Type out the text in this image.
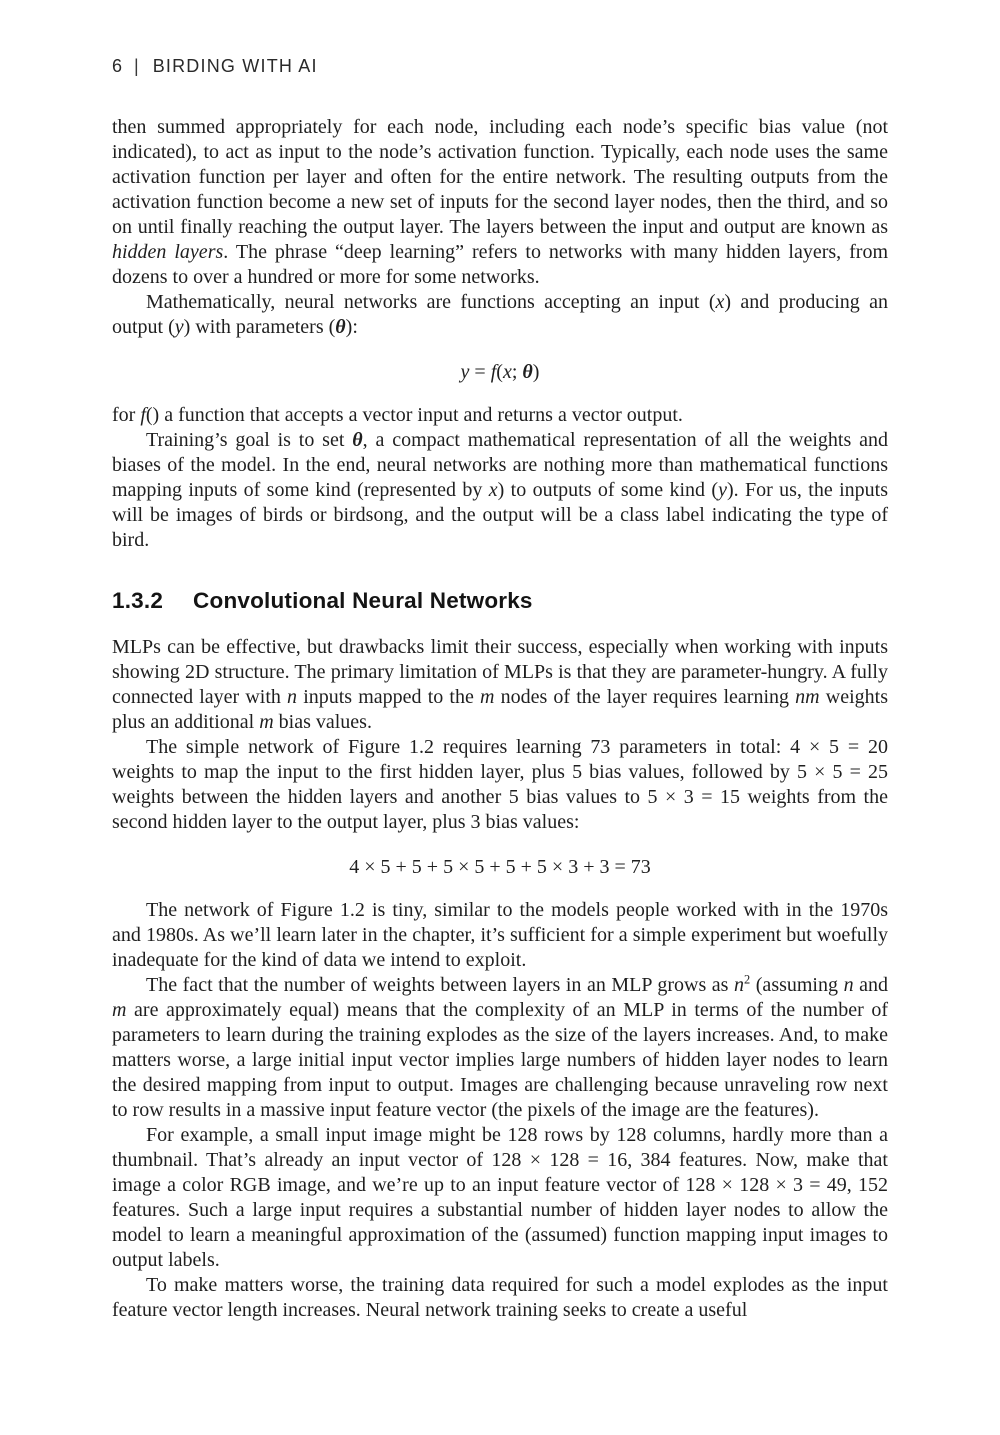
6 | BIRDING WITH AI

then summed appropriately for each node, including each node’s specific bias value (not indicated), to act as input to the node’s activation function. Typically, each node uses the same activation function per layer and often for the entire network. The resulting outputs from the activation function become a new set of inputs for the second layer nodes, then the third, and so on until finally reaching the output layer. The layers between the input and output are known as hidden layers. The phrase “deep learning” refers to networks with many hidden layers, from dozens to over a hundred or more for some networks.

Mathematically, neural networks are functions accepting an input (x) and producing an output (y) with parameters (θ):

y = f(x; θ)

for f() a function that accepts a vector input and returns a vector output.

Training’s goal is to set θ, a compact mathematical representation of all the weights and biases of the model. In the end, neural networks are nothing more than mathematical functions mapping inputs of some kind (represented by x) to outputs of some kind (y). For us, the inputs will be images of birds or birdsong, and the output will be a class label indicating the type of bird.

1.3.2 Convolutional Neural Networks

MLPs can be effective, but drawbacks limit their success, especially when working with inputs showing 2D structure. The primary limitation of MLPs is that they are parameter-hungry. A fully connected layer with n inputs mapped to the m nodes of the layer requires learning nm weights plus an additional m bias values.

The simple network of Figure 1.2 requires learning 73 parameters in total: 4 × 5 = 20 weights to map the input to the first hidden layer, plus 5 bias values, followed by 5 × 5 = 25 weights between the hidden layers and another 5 bias values to 5 × 3 = 15 weights from the second hidden layer to the output layer, plus 3 bias values:

4 × 5 + 5 + 5 × 5 + 5 + 5 × 3 + 3 = 73

The network of Figure 1.2 is tiny, similar to the models people worked with in the 1970s and 1980s. As we’ll learn later in the chapter, it’s sufficient for a simple experiment but woefully inadequate for the kind of data we intend to exploit.

The fact that the number of weights between layers in an MLP grows as $n^2$ (assuming n and m are approximately equal) means that the complexity of an MLP in terms of the number of parameters to learn during the training explodes as the size of the layers increases. And, to make matters worse, a large initial input vector implies large numbers of hidden layer nodes to learn the desired mapping from input to output. Images are challenging because unraveling row next to row results in a massive input feature vector (the pixels of the image are the features).

For example, a small input image might be 128 rows by 128 columns, hardly more than a thumbnail. That’s already an input vector of 128 × 128 = 16, 384 features. Now, make that image a color RGB image, and we’re up to an input feature vector of 128 × 128 × 3 = 49, 152 features. Such a large input requires a substantial number of hidden layer nodes to allow the model to learn a meaningful approximation of the (assumed) function mapping input images to output labels.

To make matters worse, the training data required for such a model explodes as the input feature vector length increases. Neural network training seeks to create a useful
